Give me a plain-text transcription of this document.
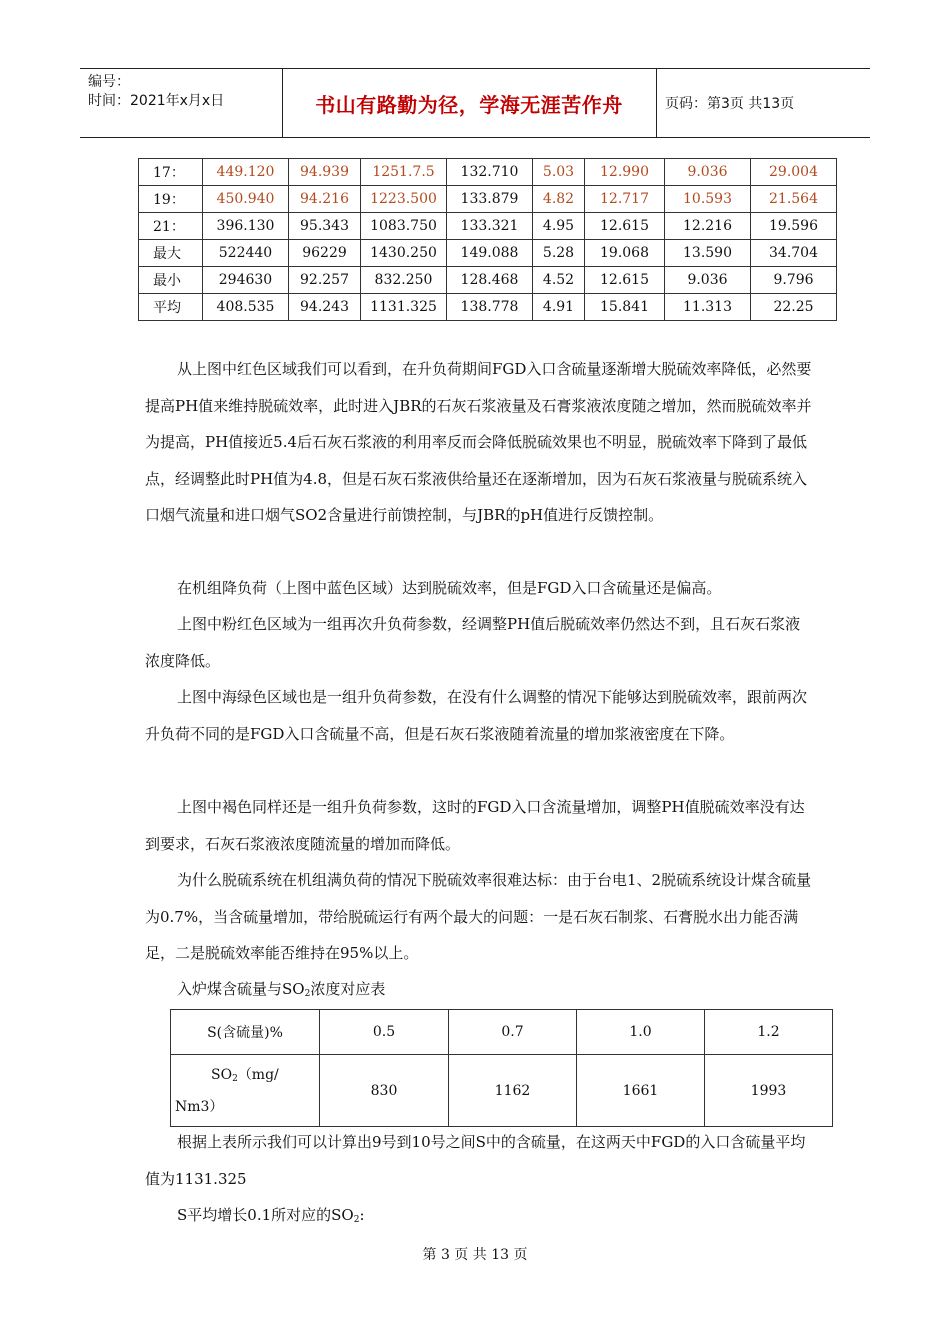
编号：
时间：2021年x月x日	书山有路勤为径，学海无涯苦作舟	页码：第3页 共13页
17：	449.120	94.939	1251.7.5	132.710	5.03	12.990	9.036	29.004
19：	450.940	94.216	1223.500	133.879	4.82	12.717	10.593	21.564
21：	396.130	95.343	1083.750	133.321	4.95	12.615	12.216	19.596
最大	522440	96229	1430.250	149.088	5.28	19.068	13.590	34.704
最小	294630	92.257	832.250	128.468	4.52	12.615	9.036	9.796
平均	408.535	94.243	1131.325	138.778	4.91	15.841	11.313	22.25
从上图中红色区域我们可以看到，在升负荷期间FGD入口含硫量逐渐增大脱硫效率降低，必然要提高PH值来维持脱硫效率，此时进入JBR的石灰石浆液量及石膏浆液浓度随之增加，然而脱硫效率并为提高，PH值接近5.4后石灰石浆液的利用率反而会降低脱硫效果也不明显，脱硫效率下降到了最低点，经调整此时PH值为4.8，但是石灰石浆液供给量还在逐渐增加，因为石灰石浆液量与脱硫系统入口烟气流量和进口烟气SO2含量进行前馈控制，与JBR的pH值进行反馈控制。
在机组降负荷（上图中蓝色区域）达到脱硫效率，但是FGD入口含硫量还是偏高。
上图中粉红色区域为一组再次升负荷参数，经调整PH值后脱硫效率仍然达不到，且石灰石浆液浓度降低。
上图中海绿色区域也是一组升负荷参数，在没有什么调整的情况下能够达到脱硫效率，跟前两次升负荷不同的是FGD入口含硫量不高，但是石灰石浆液随着流量的增加浆液密度在下降。
上图中褐色同样还是一组升负荷参数，这时的FGD入口含流量增加，调整PH值脱硫效率没有达到要求，石灰石浆液浓度随流量的增加而降低。
为什么脱硫系统在机组满负荷的情况下脱硫效率很难达标：由于台电1、2脱硫系统设计煤含硫量为0.7%，当含硫量增加，带给脱硫运行有两个最大的问题：一是石灰石制浆、石膏脱水出力能否满足，二是脱硫效率能否维持在95%以上。
入炉煤含硫量与$SO_2$浓度对应表
S(含硫量)%	0.5	0.7	1.0	1.2

$SO_2(mg/$
Nm3）	830	1162	1661	1993
根据上表所示我们可以计算出9号到10号之间S中的含硫量，在这两天中FGD的入口含硫量平均值为1131.325
S平均增长0.1所对应的$SO_2$:
第 3 页 共 13 页
